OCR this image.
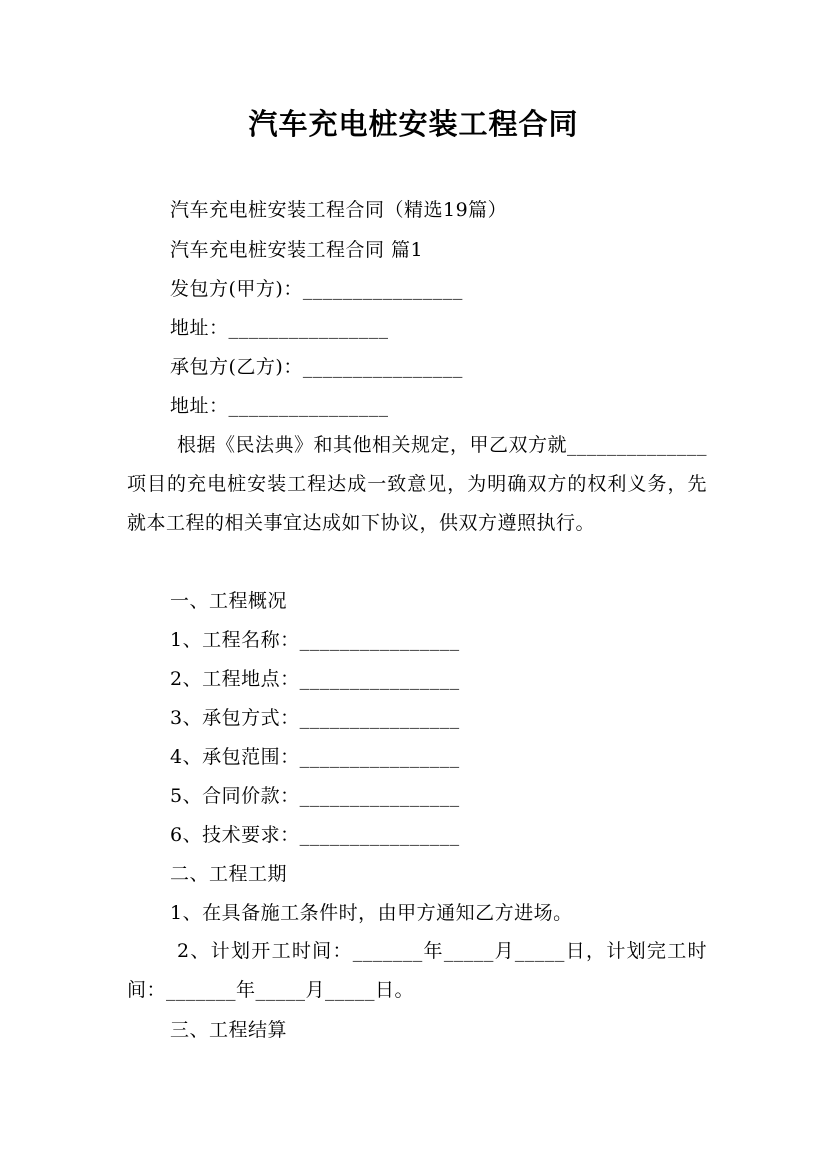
汽车充电桩安装工程合同
汽车充电桩安装工程合同（精选19篇）
汽车充电桩安装工程合同 篇1
发包方(甲方)：________________
地址：________________
承包方(乙方)：________________
地址：________________
根据《民法典》和其他相关规定，甲乙双方就______________项目的充电桩安装工程达成一致意见，为明确双方的权利义务，先就本工程的相关事宜达成如下协议，供双方遵照执行。
一、工程概况
1、工程名称：________________
2、工程地点：________________
3、承包方式：________________
4、承包范围：________________
5、合同价款：________________
6、技术要求：________________
二、工程工期
1、在具备施工条件时，由甲方通知乙方进场。
2、计划开工时间：_______年_____月_____日，计划完工时间：_______年_____月_____日。
三、工程结算
